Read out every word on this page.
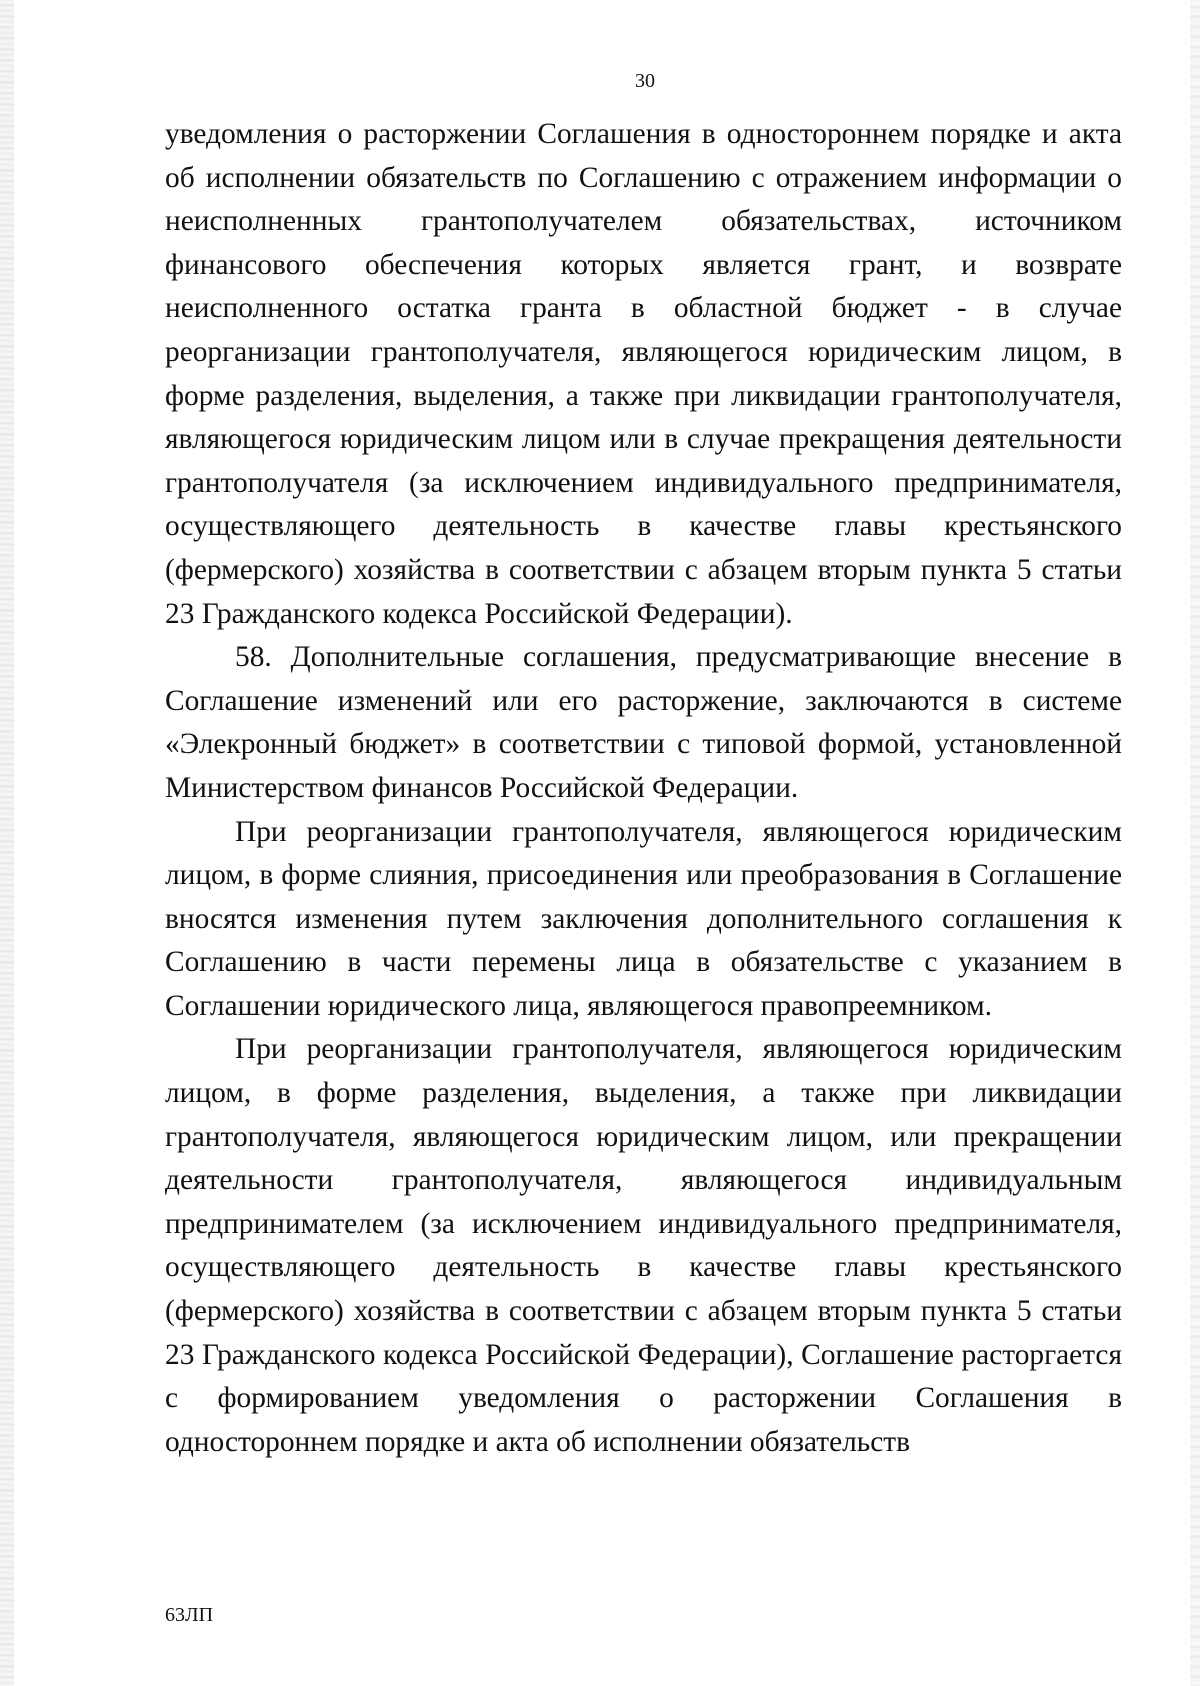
30

уведомления о расторжении Соглашения в одностороннем порядке и акта об исполнении обязательств по Соглашению с отражением информации о неисполненных грантополучателем обязательствах, источником финансового обеспечения которых является грант, и возврате неисполненного остатка гранта в областной бюджет - в случае реорганизации грантополучателя, являющегося юридическим лицом, в форме разделения, выделения, а также при ликвидации грантополучателя, являющегося юридическим лицом или в случае прекращения деятельности грантополучателя (за исключением индивидуального предпринимателя, осуществляющего деятельность в качестве главы крестьянского (фермерского) хозяйства в соответствии с абзацем вторым пункта 5 статьи 23 Гражданского кодекса Российской Федерации).

58. Дополнительные соглашения, предусматривающие внесение в Соглашение изменений или его расторжение, заключаются в системе «Элекронный бюджет» в соответствии с типовой формой, установленной Министерством финансов Российской Федерации.

При реорганизации грантополучателя, являющегося юридическим лицом, в форме слияния, присоединения или преобразования в Соглашение вносятся изменения путем заключения дополнительного соглашения к Соглашению в части перемены лица в обязательстве с указанием в Соглашении юридического лица, являющегося правопреемником.

При реорганизации грантополучателя, являющегося юридическим лицом, в форме разделения, выделения, а также при ликвидации грантополучателя, являющегося юридическим лицом, или прекращении деятельности грантополучателя, являющегося индивидуальным предпринимателем (за исключением индивидуального предпринимателя, осуществляющего деятельность в качестве главы крестьянского (фермерского) хозяйства в соответствии с абзацем вторым пункта 5 статьи 23 Гражданского кодекса Российской Федерации), Соглашение расторгается с формированием уведомления о расторжении Соглашения в одностороннем порядке и акта об исполнении обязательств

63ЛП
